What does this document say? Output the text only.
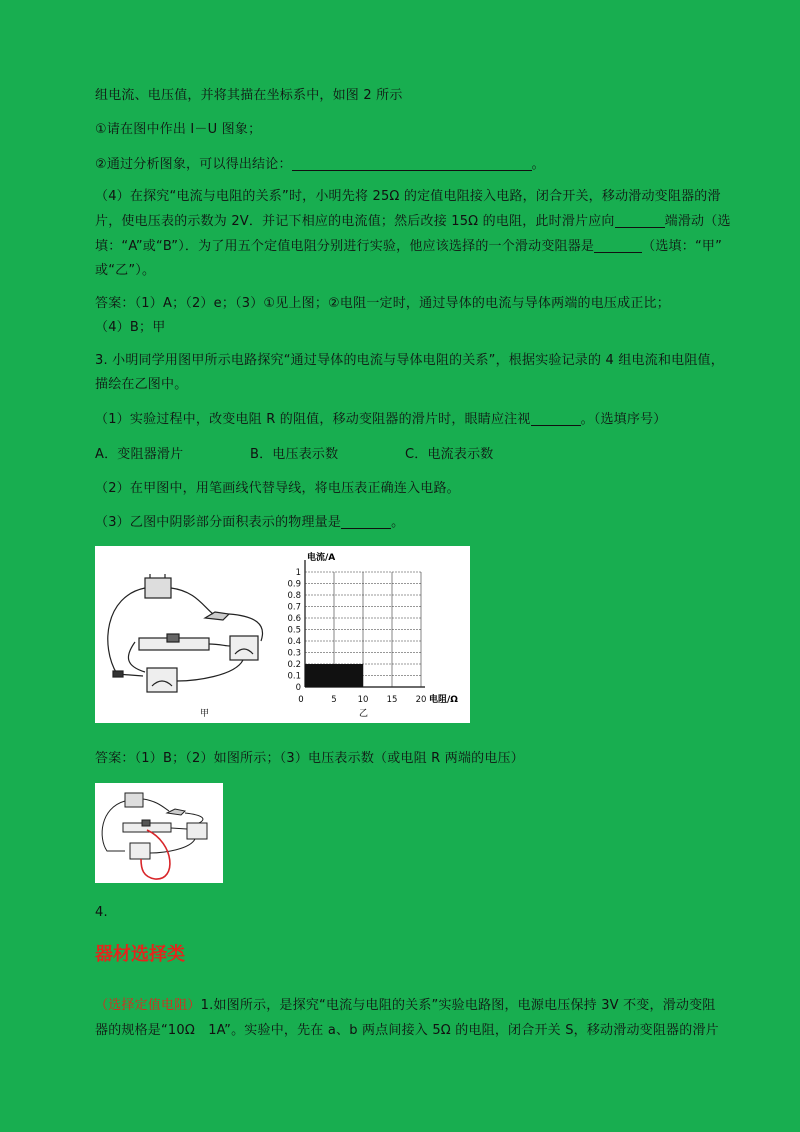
组电流、电压值，并将其描在坐标系中，如图 2 所示
①请在图中作出 I－U 图象；
②通过分析图象，可以得出结论：	。
（4）在探究“电流与电阻的关系”时，小明先将 25Ω 的定值电阻接入电路，闭合开关，移动滑动变阻器的滑
片，使电压表的示数为 2V．并记下相应的电流值；然后改接 15Ω 的电阻，此时滑片应向	端滑动（选
填：“A”或“B”）．为了用五个定值电阻分别进行实验，他应该选择的一个滑动变阻器是	（选填：“甲”
或“乙”）。
答案：（1）A；（2）e；（3）①见上图；②电阻一定时，通过导体的电流与导体两端的电压成正比；
（4）B；甲
3. 小明同学用图甲所示电路探究“通过导体的电流与导体电阻的关系”，根据实验记录的 4 组电流和电阻值，
描绘在乙图中。
（1）实验过程中，改变电阻 R 的阻值，移动变阻器的滑片时，眼睛应注视	。（选填序号）
A．变阻器滑片	B．电压表示数	C．电流表示数
（2）在甲图中，用笔画线代替导线，将电压表正确连入电路。
（3）乙图中阴影部分面积表示的物理量是	。
甲
1
0.9
0.8
0.7
0.6
0.5
0.4
0.3
0.2
0.1
0
5 10 15 20
电流/A
电阻/Ω
0
乙
答案：（1）B；（2）如图所示；（3）电压表示数（或电阻 R 两端的电压）
4.
器材选择类
（选择定值电阻）1.如图所示，是探究“电流与电阻的关系”实验电路图，电源电压保持 3V 不变，滑动变阻
器的规格是“10Ω　1A”。实验中，先在 a、b 两点间接入 5Ω 的电阻，闭合开关 S，移动滑动变阻器的滑片
